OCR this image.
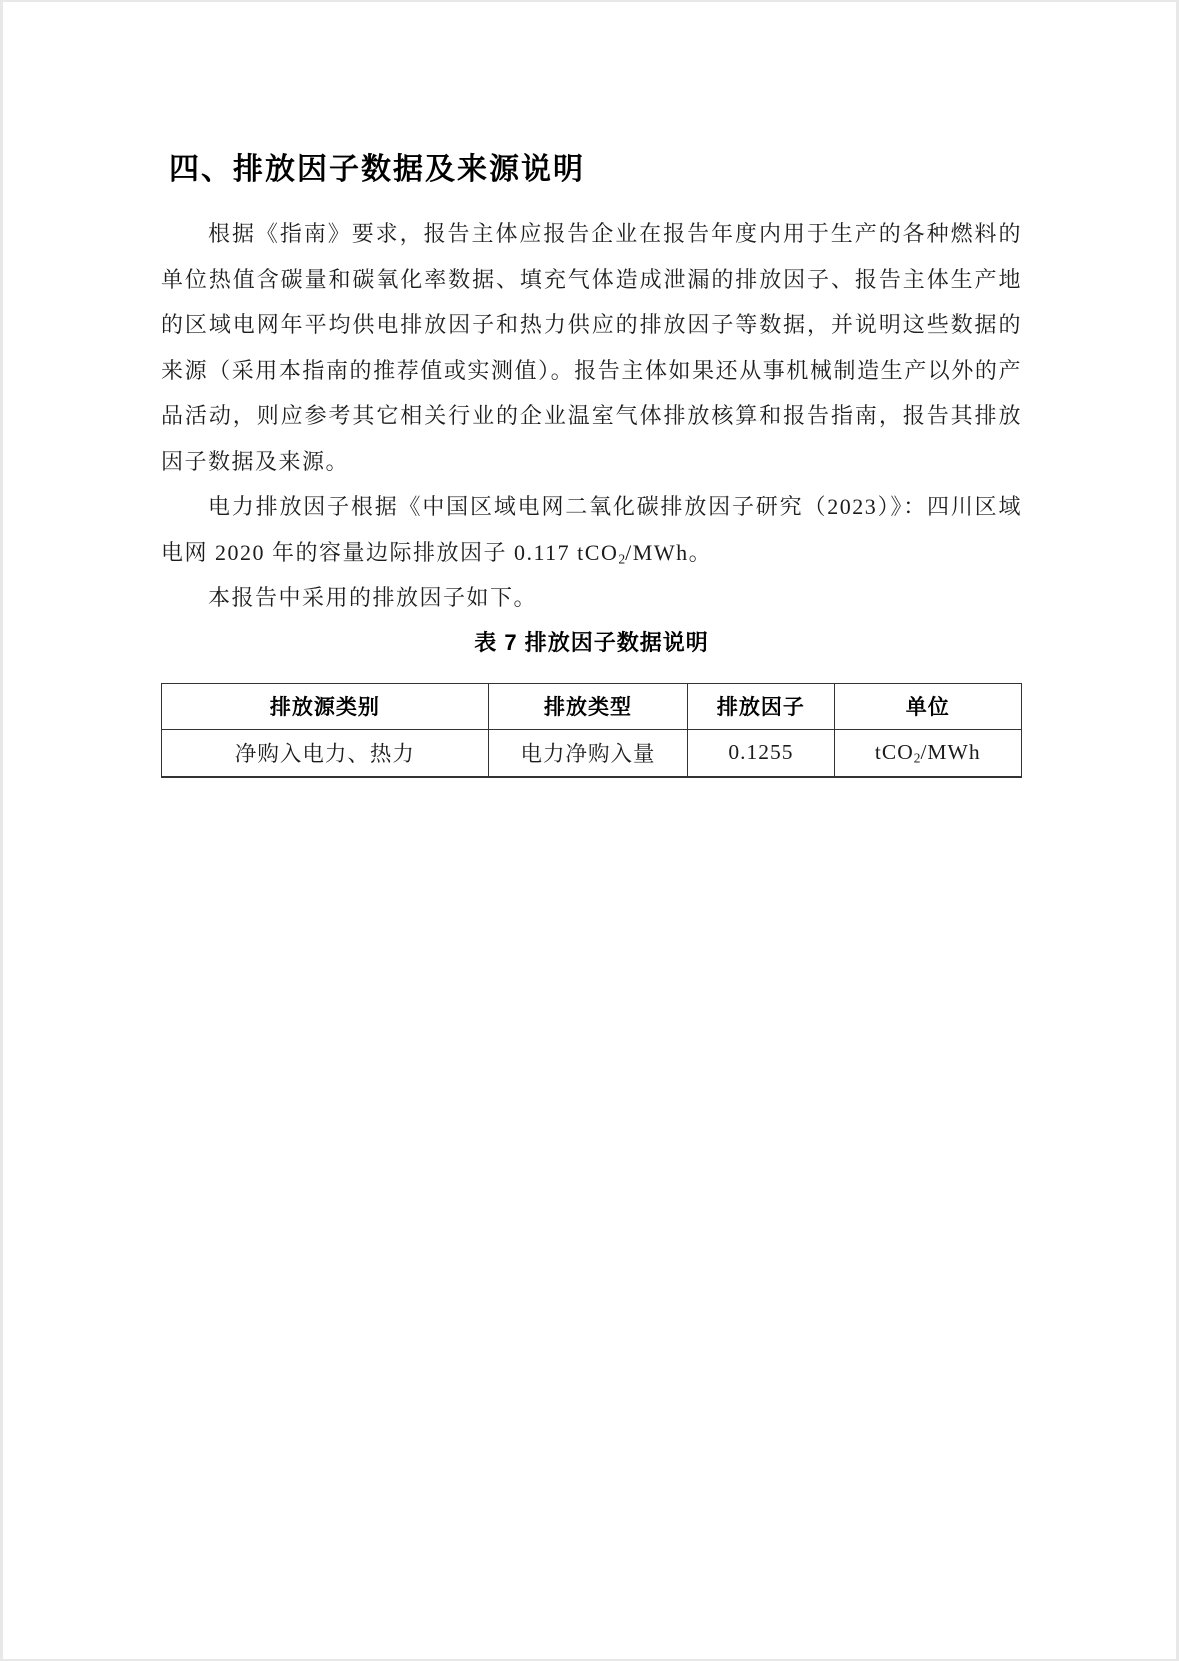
四、排放因子数据及来源说明

根据《指南》要求，报告主体应报告企业在报告年度内用于生产的各种燃料的单位热值含碳量和碳氧化率数据、填充气体造成泄漏的排放因子、报告主体生产地的区域电网年平均供电排放因子和热力供应的排放因子等数据，并说明这些数据的来源（采用本指南的推荐值或实测值）。报告主体如果还从事机械制造生产以外的产品活动，则应参考其它相关行业的企业温室气体排放核算和报告指南，报告其排放因子数据及来源。

电力排放因子根据《中国区域电网二氧化碳排放因子研究（2023）》：四川区域电网 2020 年的容量边际排放因子 0.117 tCO$_2$/MWh。

本报告中采用的排放因子如下。

表 7 排放因子数据说明
排放源类别	排放类型	排放因子	单位
净购入电力、热力	电力净购入量	0.1255	tCO$_2$/MWh
